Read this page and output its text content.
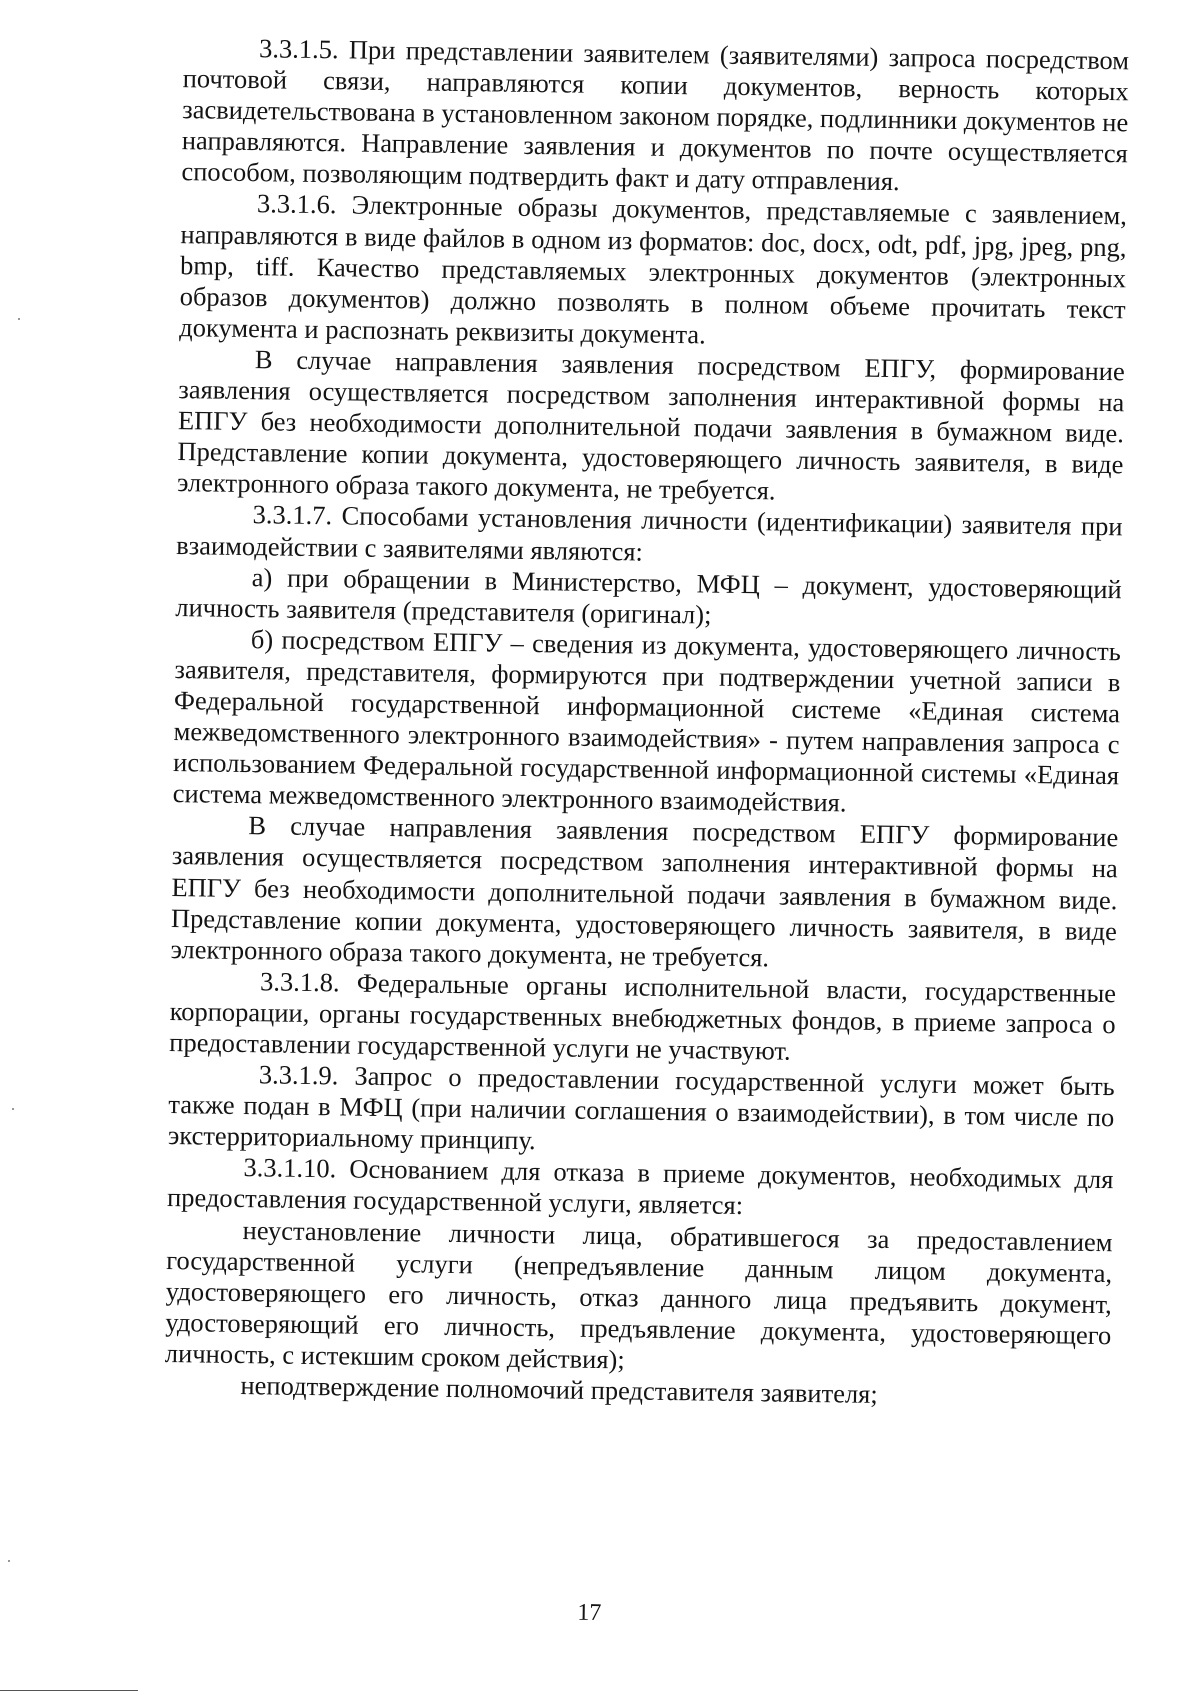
3.3.1.5. При представлении заявителем (заявителями) запроса посредством почтовой связи, направляются копии документов, верность которых засвидетельствована в установленном законом порядке, подлинники документов не направляются. Направление заявления и документов по почте осуществляется способом, позволяющим подтвердить факт и дату отправления.

3.3.1.6. Электронные образы документов, представляемые с заявлением, направляются в виде файлов в одном из форматов: doc, docx, odt, pdf, jpg, jpeg, png, bmp, tiff. Качество представляемых электронных документов (электронных образов документов) должно позволять в полном объеме прочитать текст документа и распознать реквизиты документа.

В случае направления заявления посредством ЕПГУ, формирование заявления осуществляется посредством заполнения интерактивной формы на ЕПГУ без необходимости дополнительной подачи заявления в бумажном виде. Представление копии документа, удостоверяющего личность заявителя, в виде электронного образа такого документа, не требуется.

3.3.1.7. Способами установления личности (идентификации) заявителя при взаимодействии с заявителями являются:

а) при обращении в Министерство, МФЦ – документ, удостоверяющий личность заявителя (представителя (оригинал);

б) посредством ЕПГУ – сведения из документа, удостоверяющего личность заявителя, представителя, формируются при подтверждении учетной записи в Федеральной государственной информационной системе «Единая система межведомственного электронного взаимодействия» - путем направления запроса с использованием Федеральной государственной информационной системы «Единая система межведомственного электронного взаимодействия.

В случае направления заявления посредством ЕПГУ формирование заявления осуществляется посредством заполнения интерактивной формы на ЕПГУ без необходимости дополнительной подачи заявления в бумажном виде. Представление копии документа, удостоверяющего личность заявителя, в виде электронного образа такого документа, не требуется.

3.3.1.8. Федеральные органы исполнительной власти, государственные корпорации, органы государственных внебюджетных фондов, в приеме запроса о предоставлении государственной услуги не участвуют.

3.3.1.9. Запрос о предоставлении государственной услуги может быть также подан в МФЦ (при наличии соглашения о взаимодействии), в том числе по экстерриториальному принципу.

3.3.1.10. Основанием для отказа в приеме документов, необходимых для предоставления государственной услуги, является:

неустановление личности лица, обратившегося за предоставлением государственной услуги (непредъявление данным лицом документа, удостоверяющего его личность, отказ данного лица предъявить документ, удостоверяющий его личность, предъявление документа, удостоверяющего личность, с истекшим сроком действия);

неподтверждение полномочий представителя заявителя;

17
